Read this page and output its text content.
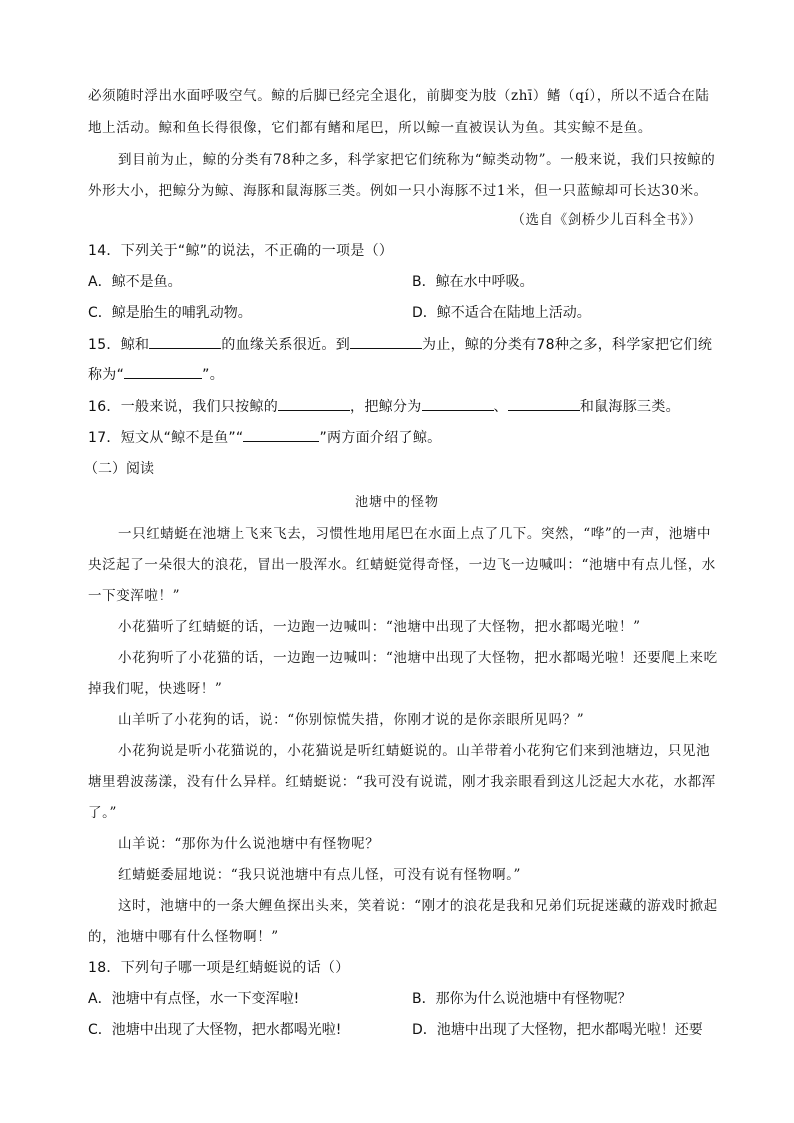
必须随时浮出水面呼吸空气。鲸的后脚已经完全退化，前脚变为肢（zhī）鳍（qí），所以不适合在陆
地上活动。鲸和鱼长得很像，它们都有鳍和尾巴，所以鲸一直被误认为鱼。其实鲸不是鱼。
到目前为止，鲸的分类有78种之多，科学家把它们统称为“鲸类动物”。一般来说，我们只按鲸的
外形大小，把鲸分为鲸、海豚和鼠海豚三类。例如一只小海豚不过1米，但一只蓝鲸却可长达30米。
（选自《剑桥少儿百科全书》）
14．下列关于“鲸”的说法，不正确的一项是（）
A．鲸不是鱼。	B．鲸在水中呼吸。
C．鲸是胎生的哺乳动物。	D．鲸不适合在陆地上活动。
15．鲸和	的血缘关系很近。到	为止，鲸的分类有78种之多，科学家把它们统
称为“	”。
16．一般来说，我们只按鲸的	，把鲸分为	、	和鼠海豚三类。
17．短文从“鲸不是鱼”“	”两方面介绍了鲸。
（二）阅读
池塘中的怪物
一只红蜻蜓在池塘上飞来飞去，习惯性地用尾巴在水面上点了几下。突然，“哗”的一声，池塘中
央泛起了一朵很大的浪花，冒出一股浑水。红蜻蜓觉得奇怪，一边飞一边喊叫：“池塘中有点儿怪，水
一下变浑啦！”
小花猫听了红蜻蜓的话，一边跑一边喊叫：“池塘中出现了大怪物，把水都喝光啦！”
小花狗听了小花猫的话，一边跑一边喊叫：“池塘中出现了大怪物，把水都喝光啦！还要爬上来吃
掉我们呢，快逃呀！”
山羊听了小花狗的话，说：“你别惊慌失措，你刚才说的是你亲眼所见吗？”
小花狗说是听小花猫说的，小花猫说是听红蜻蜓说的。山羊带着小花狗它们来到池塘边，只见池
塘里碧波荡漾，没有什么异样。红蜻蜓说：“我可没有说谎，刚才我亲眼看到这儿泛起大水花，水都浑
了。”
山羊说：“那你为什么说池塘中有怪物呢？
红蜻蜓委屈地说：“我只说池塘中有点儿怪，可没有说有怪物啊。”
这时，池塘中的一条大鲤鱼探出头来，笑着说：“刚才的浪花是我和兄弟们玩捉迷藏的游戏时掀起
的，池塘中哪有什么怪物啊！”
18．下列句子哪一项是红蜻蜓说的话（）
A．池塘中有点怪，水一下变浑啦!	B．那你为什么说池塘中有怪物呢？
C．池塘中出现了大怪物，把水都喝光啦!	D．池塘中出现了大怪物，把水都喝光啦！还要
